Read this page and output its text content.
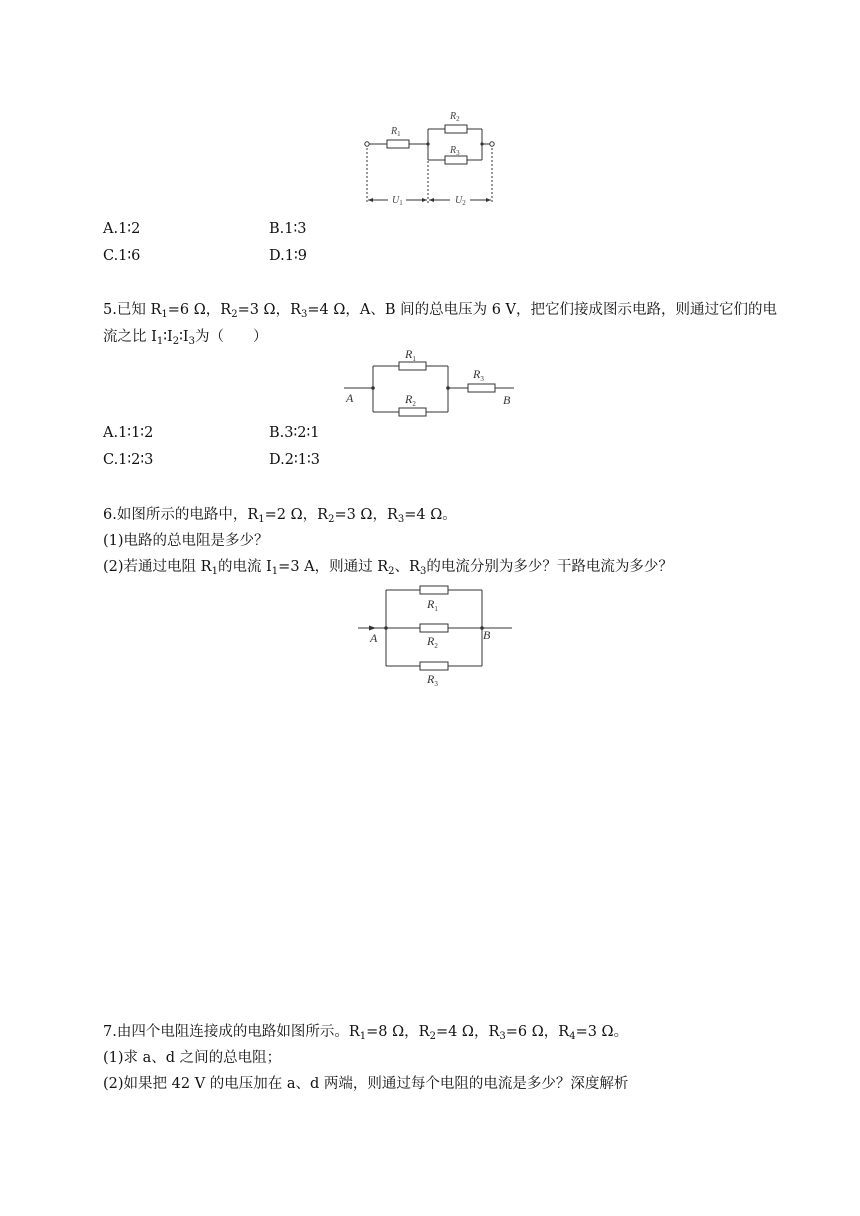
$R_1$
$R_2$
$R_3$
$U_1$	$U_2$
A.1∶2	B.1∶3
C.1∶6	D.1∶9
5.已知 $R_1=6$ Ω，$R_2=3$ Ω，$R_3=4$ Ω，A、B 间的总电压为 6 V，把它们接成图示电路，则通过它们的电
流之比 $I_1∶I_2∶I_3$为（　　）
A	B
$R_1$
$R_2$
$R_3$
A.1∶1∶2	B.3∶2∶1
C.1∶2∶3	D.2∶1∶3
6.如图所示的电路中，$R_1=2$ Ω，$R_2=3$ Ω，$R_3=4$ Ω。
(1)电路的总电阻是多少？
(2)若通过电阻 $R_1$的电流 $I_1=3$ A，则通过 $R_2$、$R_3$的电流分别为多少？干路电流为多少？
A	B
$R_1$
$R_2$
$R_3$
7.由四个电阻连接成的电路如图所示。$R_1=8$ Ω，$R_2=4$ Ω，$R_3=6$ Ω，$R_4=3$ Ω。
(1)求 a、d 之间的总电阻；
(2)如果把 42 V 的电压加在 a、d 两端，则通过每个电阻的电流是多少？深度解析
